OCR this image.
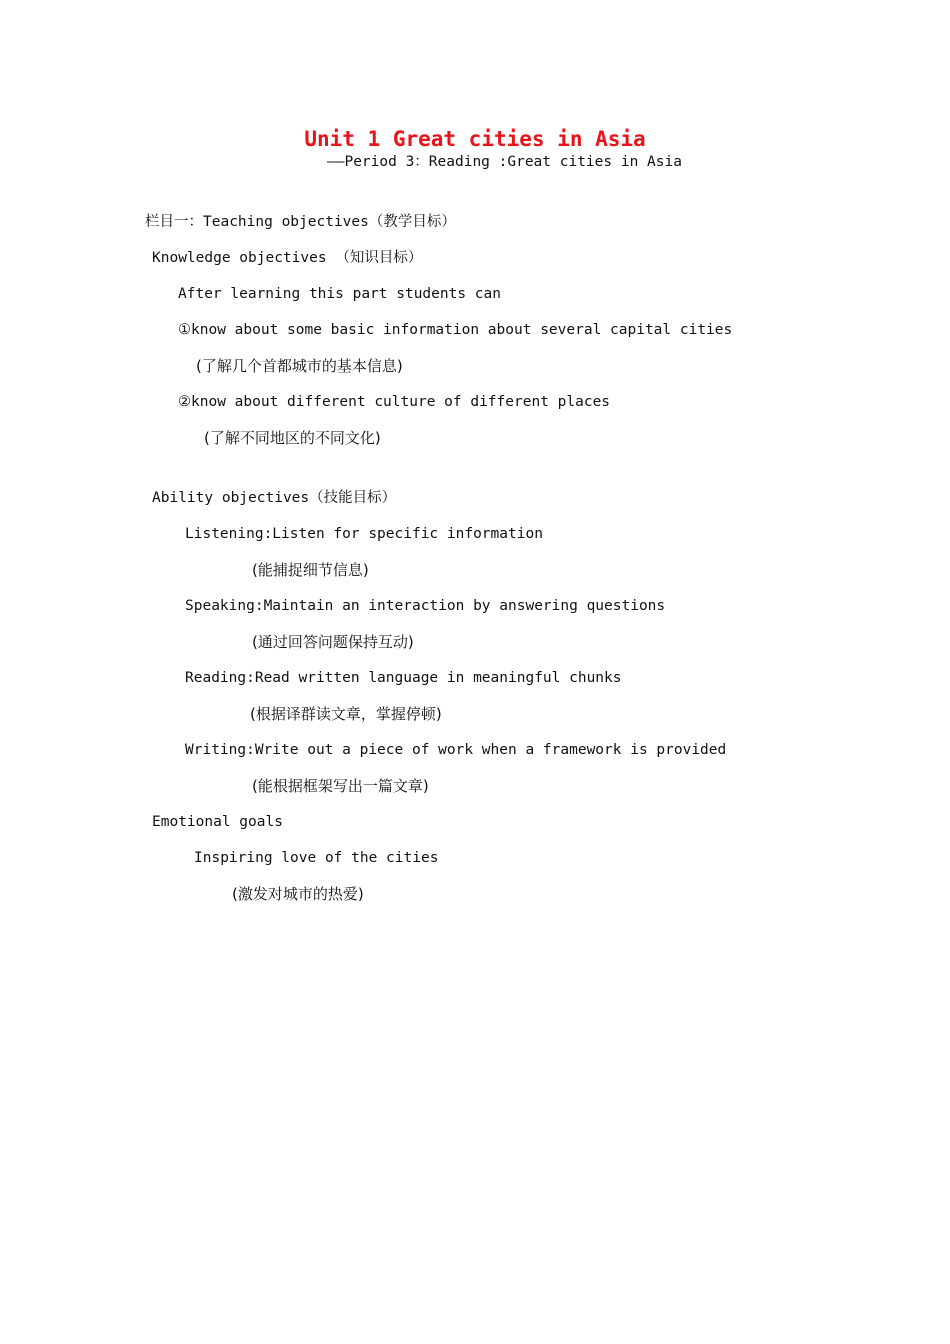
Unit 1 Great cities in Asia
——Period 3：Reading :Great cities in Asia
栏目一：Teaching objectives（教学目标）
Knowledge objectives （知识目标）
After learning this part students can
①know about some basic information about several capital cities
(了解几个首都城市的基本信息)
②know about different culture of different places
(了解不同地区的不同文化)
Ability objectives（技能目标）
Listening:Listen for specific information
(能捕捉细节信息)
Speaking:Maintain an interaction by answering questions
(通过回答问题保持互动)
Reading:Read written language in meaningful chunks
(根据译群读文章，掌握停顿)
Writing:Write out a piece of work when a framework is provided
(能根据框架写出一篇文章)
Emotional goals
Inspiring love of the cities
(激发对城市的热爱)
